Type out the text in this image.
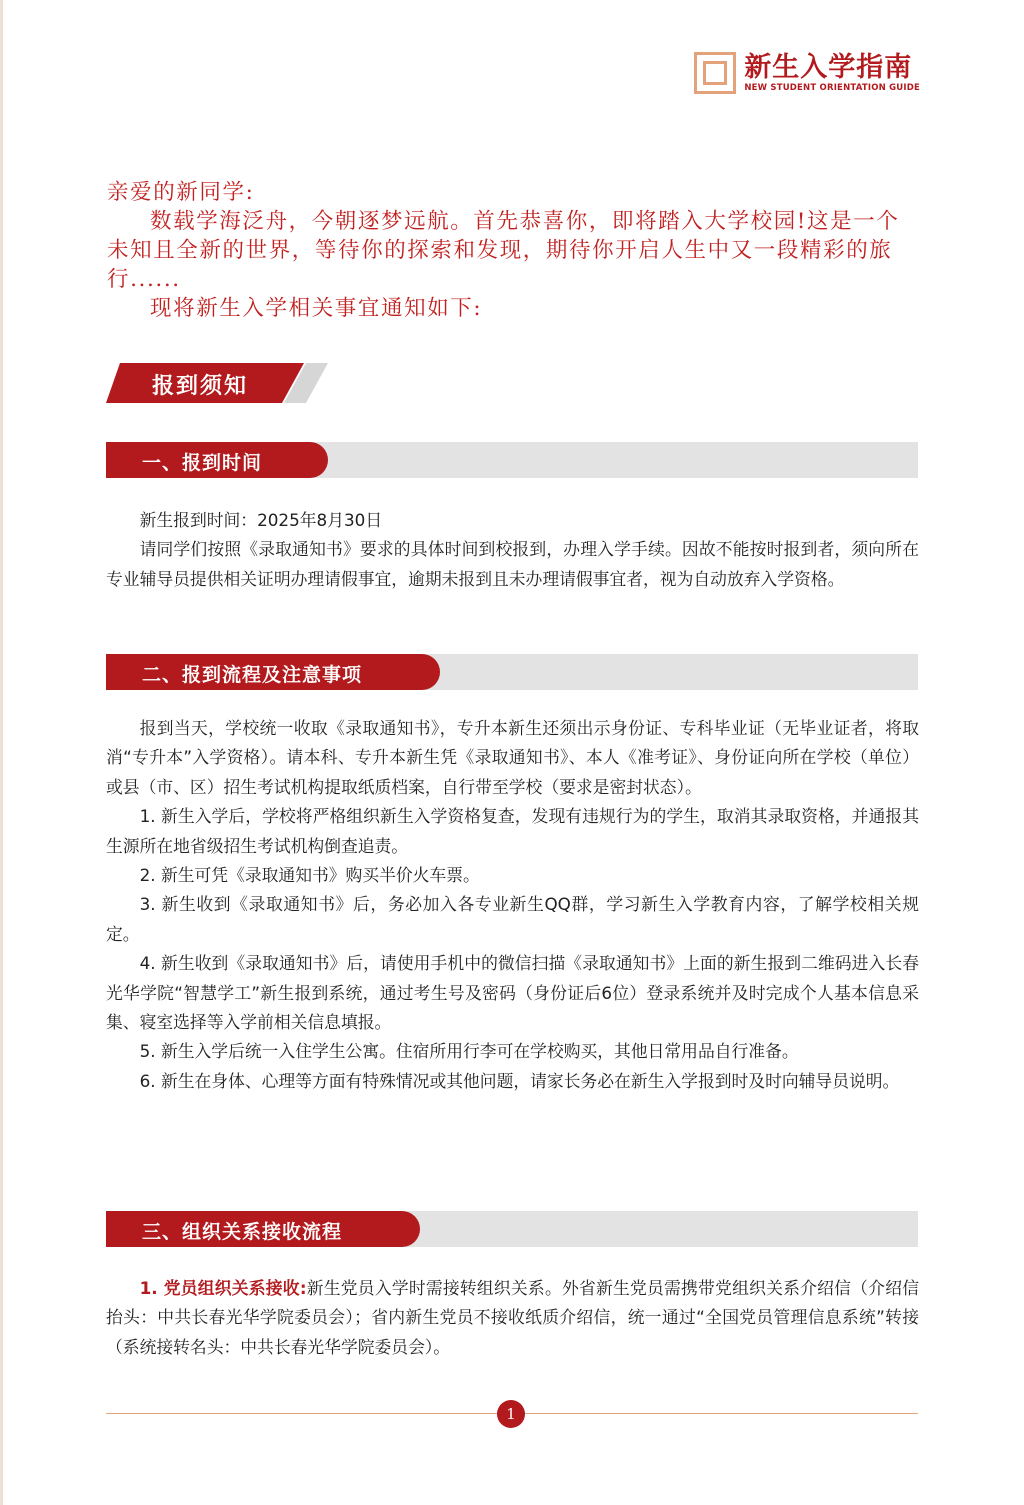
新生入学指南
NEW STUDENT ORIENTATION GUIDE

亲爱的新同学:

数载学海泛舟，今朝逐梦远航。首先恭喜你，即将踏入大学校园!这是一个未知且全新的世界，等待你的探索和发现，期待你开启人生中又一段精彩的旅行......

现将新生入学相关事宜通知如下:

报到须知
一、报到时间

新生报到时间：2025年8月30日

请同学们按照《录取通知书》要求的具体时间到校报到，办理入学手续。因故不能按时报到者，须向所在专业辅导员提供相关证明办理请假事宜，逾期未报到且未办理请假事宜者，视为自动放弃入学资格。

二、报到流程及注意事项

报到当天，学校统一收取《录取通知书》，专升本新生还须出示身份证、专科毕业证（无毕业证者，将取消“专升本”入学资格）。请本科、专升本新生凭《录取通知书》、本人《准考证》、身份证向所在学校（单位）或县（市、区）招生考试机构提取纸质档案，自行带至学校（要求是密封状态）。

1. 新生入学后，学校将严格组织新生入学资格复查，发现有违规行为的学生，取消其录取资格，并通报其生源所在地省级招生考试机构倒查追责。

2. 新生可凭《录取通知书》购买半价火车票。

3. 新生收到《录取通知书》后，务必加入各专业新生QQ群，学习新生入学教育内容，了解学校相关规定。

4. 新生收到《录取通知书》后，请使用手机中的微信扫描《录取通知书》上面的新生报到二维码进入长春光华学院“智慧学工”新生报到系统，通过考生号及密码（身份证后6位）登录系统并及时完成个人基本信息采集、寝室选择等入学前相关信息填报。

5. 新生入学后统一入住学生公寓。住宿所用行李可在学校购买，其他日常用品自行准备。

6. 新生在身体、心理等方面有特殊情况或其他问题，请家长务必在新生入学报到时及时向辅导员说明。

三、组织关系接收流程

1. 党员组织关系接收:新生党员入学时需接转组织关系。外省新生党员需携带党组织关系介绍信（介绍信抬头：中共长春光华学院委员会）；省内新生党员不接收纸质介绍信，统一通过“全国党员管理信息系统”转接（系统接转名头：中共长春光华学院委员会）。

1
